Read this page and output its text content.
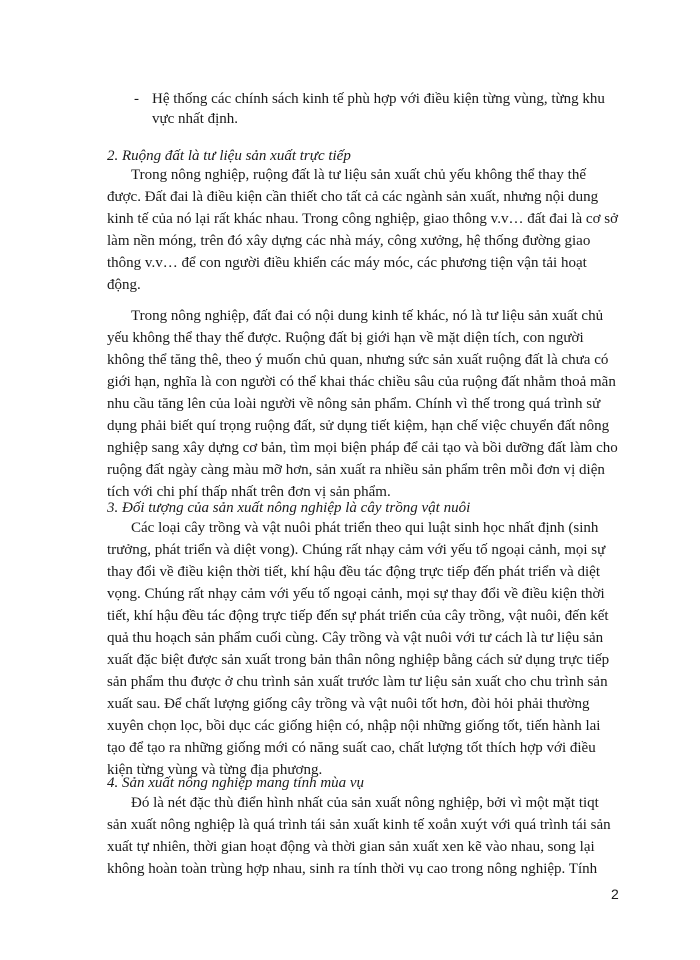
- Hệ thống các chính sách kinh tế phù hợp với điều kiện từng vùng, từng khu
vực nhất định.
2. Ruộng đất là tư liệu sản xuất trực tiếp
Trong nông nghiệp, ruộng đất là tư liệu sản xuất chủ yếu không thể thay thế
được. Đất đai là điều kiện cần thiết cho tất cả các ngành sản xuất, nhưng nội dung
kinh tế của nó lại rất khác nhau. Trong công nghiệp, giao thông v.v… đất đai là cơ sở
làm nền móng, trên đó xây dựng các nhà máy, công xưởng, hệ thống đường giao
thông v.v… để con người điều khiển các máy móc, các phương tiện vận tải hoạt
động.
Trong nông nghiệp, đất đai có nội dung kinh tế khác, nó là tư liệu sản xuất chủ
yếu không thể thay thế được. Ruộng đất bị giới hạn về mặt diện tích, con người
không thể tăng thê, theo ý muốn chủ quan, nhưng sức sản xuất ruộng đất là chưa có
giới hạn, nghĩa là con người có thể khai thác chiều sâu của ruộng đất nhằm thoả mãn
nhu cầu tăng lên của loài người về nông sản phẩm. Chính vì thế trong quá trình sử
dụng phải biết quí trọng ruộng đất, sử dụng tiết kiệm, hạn chế việc chuyển đất nông
nghiệp sang xây dựng cơ bản, tìm mọi biện pháp để cải tạo và bồi dưỡng đất làm cho
ruộng đất ngày càng màu mỡ hơn, sản xuất ra nhiều sản phẩm trên mỗi đơn vị diện
tích với chi phí thấp nhất trên đơn vị sản phẩm.
3. Đối tượng của sản xuất nông nghiệp là cây trồng vật nuôi
Các loại cây trồng và vật nuôi phát triển theo qui luật sinh học nhất định (sinh
trưởng, phát triển và diệt vong). Chúng rất nhạy cảm với yếu tố ngoại cảnh, mọi sự
thay đổi về điều kiện thời tiết, khí hậu đều tác động trực tiếp đến phát triển và diệt
vọng. Chúng rất nhạy cảm với yếu tố ngoại cảnh, mọi sự thay đổi về điều kiện thời
tiết, khí hậu đều tác động trực tiếp đến sự phát triển của cây trồng, vật nuôi, đến kết
quả thu hoạch sản phẩm cuối cùng. Cây trồng và vật nuôi với tư cách là tư liệu sản
xuất đặc biệt được sản xuất trong bản thân nông nghiệp bằng cách sử dụng trực tiếp
sản phẩm thu được ở chu trình sản xuất trước làm tư liệu sản xuất cho chu trình sản
xuất sau. Để chất lượng giống cây trồng và vật nuôi tốt hơn, đòi hỏi phải thường
xuyên chọn lọc, bồi dục các giống hiện có, nhập nội những giống tốt, tiến hành lai
tạo để tạo ra những giống mới có năng suất cao, chất lượng tốt thích hợp với điều
kiện từng vùng và từng địa phương.
4. Sản xuất nông nghiệp mang tính mùa vụ
Đó là nét đặc thù điển hình nhất của sản xuất nông nghiệp, bởi vì một mặt tiqt
sản xuất nông nghiệp là quá trình tái sản xuất kinh tế xoắn xuýt với quá trình tái sản
xuất tự nhiên, thời gian hoạt động và thời gian sản xuất xen kẽ vào nhau, song lại
không hoàn toàn trùng hợp nhau, sinh ra tính thời vụ cao trong nông nghiệp. Tính
2
